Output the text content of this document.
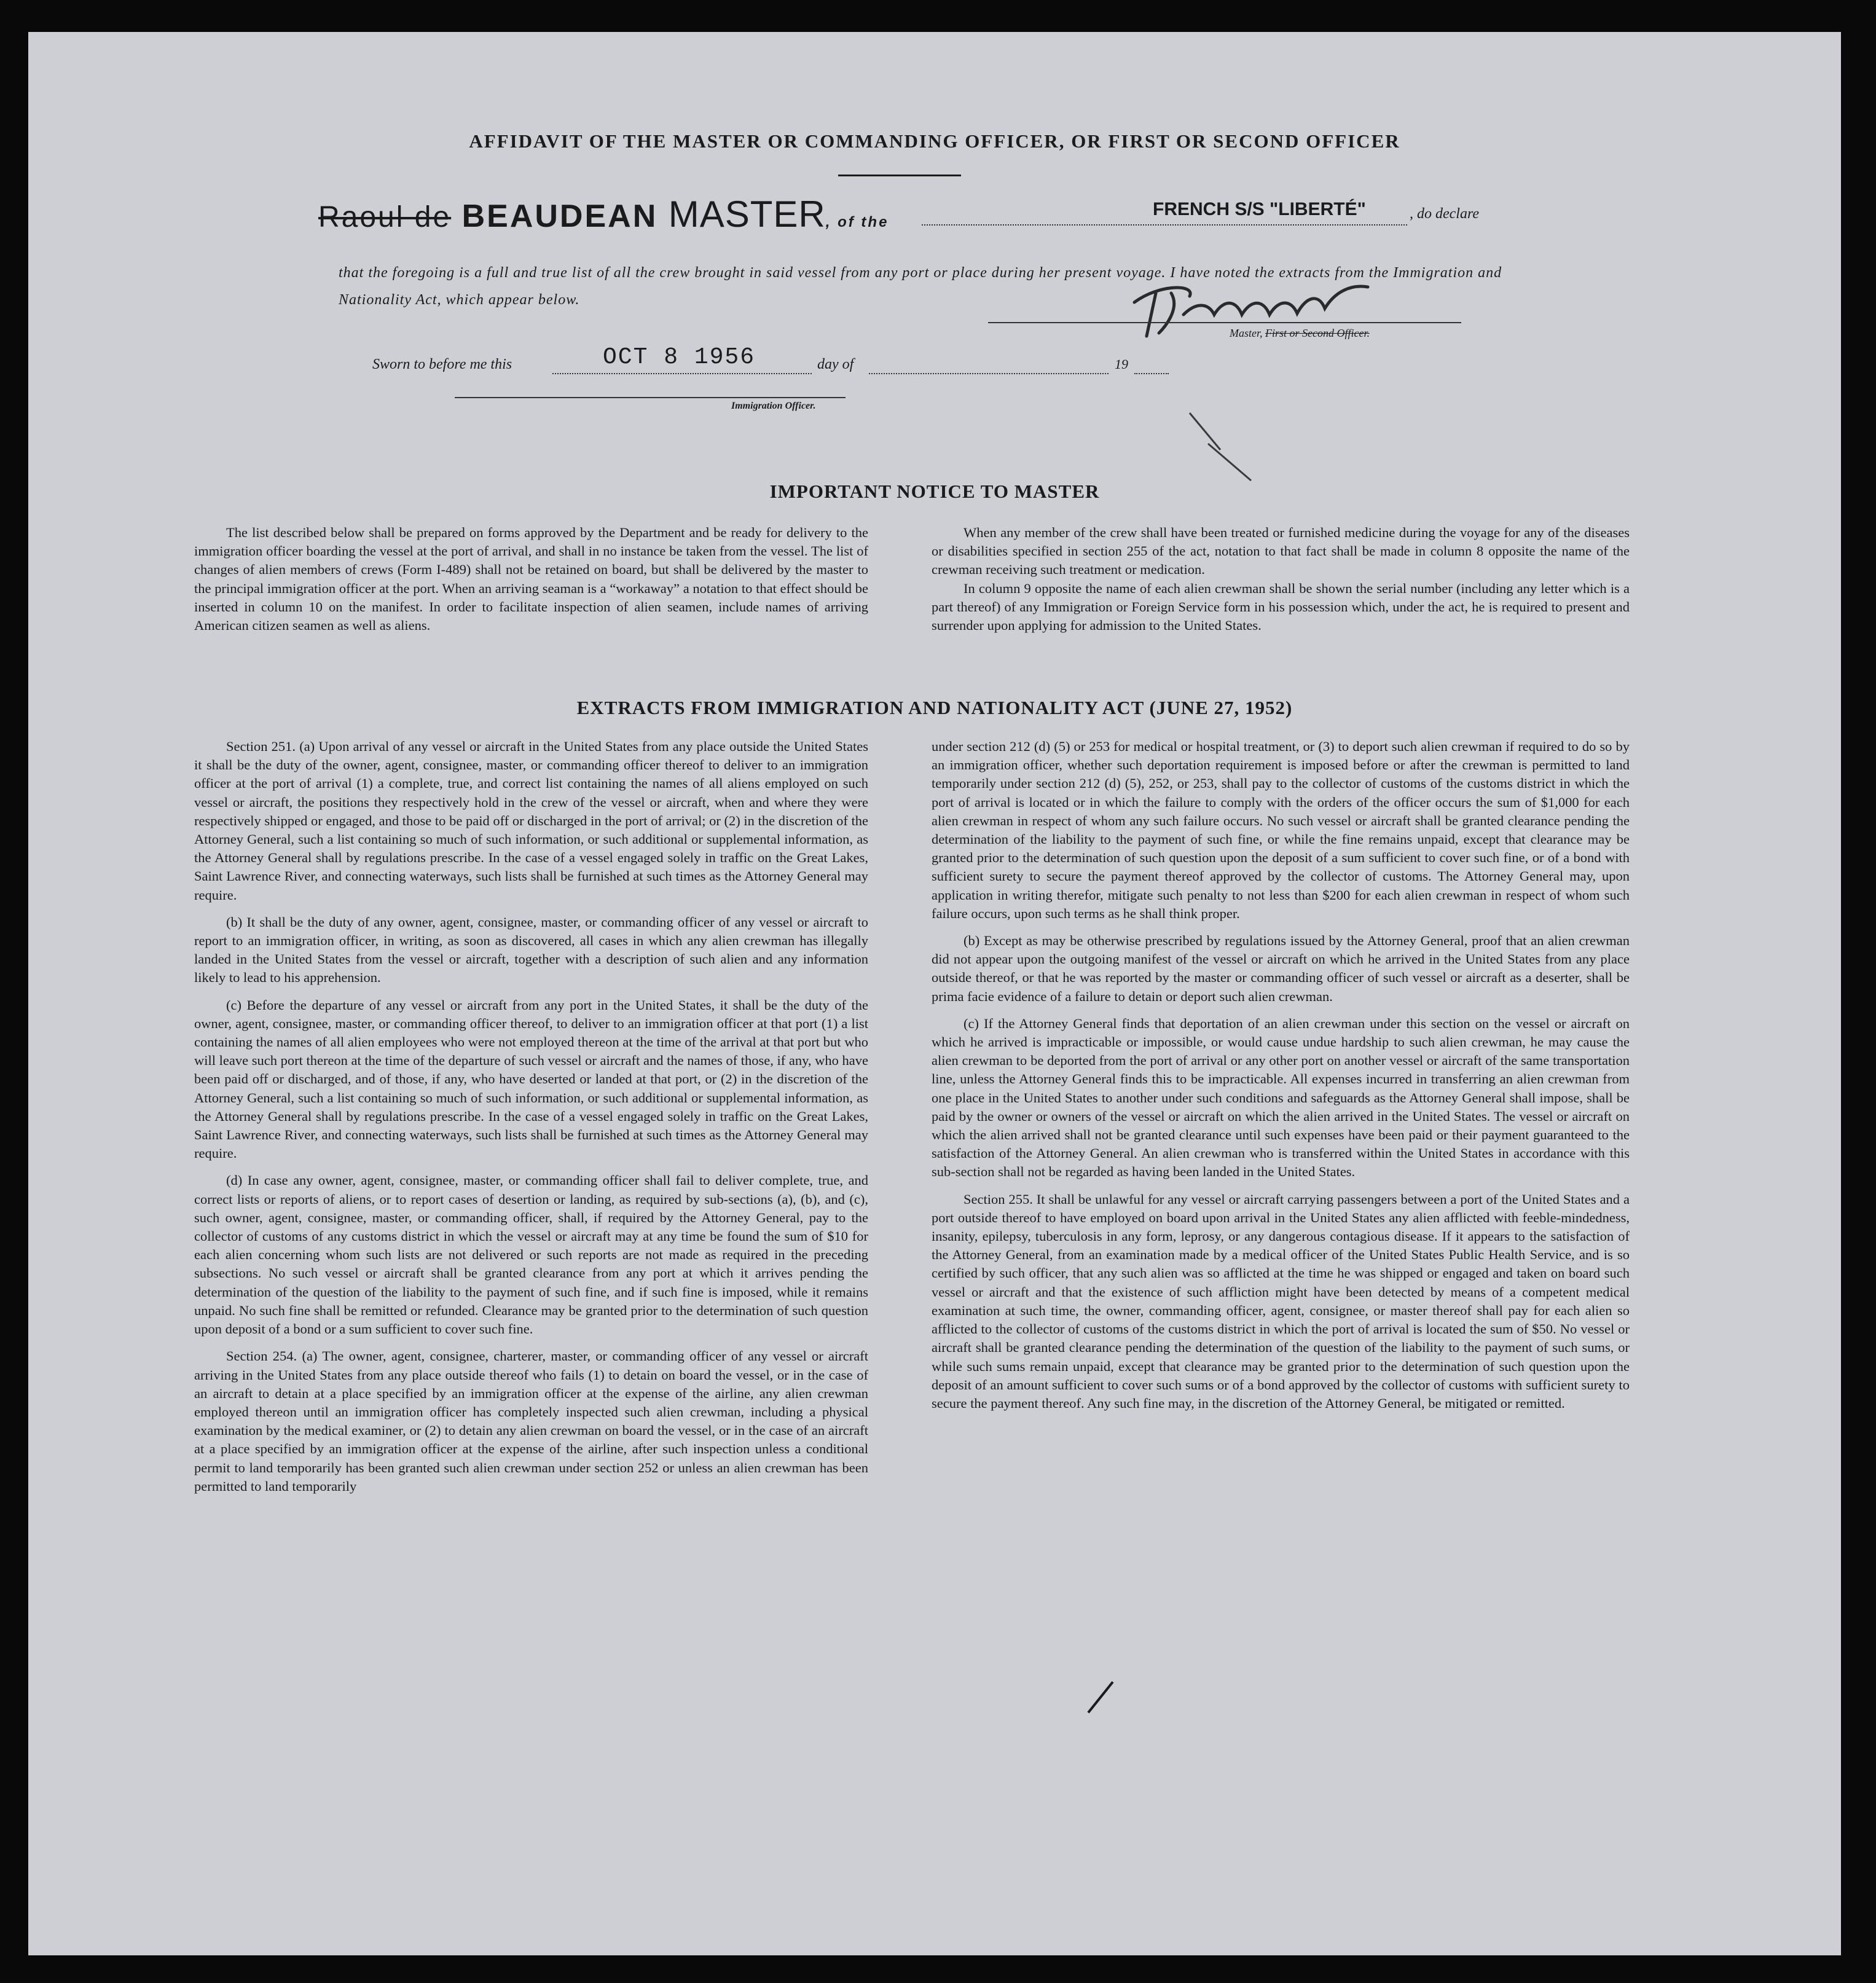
AFFIDAVIT OF THE MASTER OR COMMANDING OFFICER, OR FIRST OR SECOND OFFICER
Raoul de BEAUDEAN MASTER, of the
FRENCH S/S "LIBERTÉ"	, do declare
that the foregoing is a full and true list of all the crew brought in said vessel from any port or place during her present voyage. I have noted the extracts from the Immigration and Nationality Act, which appear below.
Master, First or Second Officer.
Sworn to before me this	OCT 8 1956	day of	19
Immigration Officer.
IMPORTANT NOTICE TO MASTER

The list described below shall be prepared on forms approved by the Department and be ready for delivery to the immigration officer boarding the vessel at the port of arrival, and shall in no instance be taken from the vessel. The list of changes of alien members of crews (Form I-489) shall not be retained on board, but shall be delivered by the master to the principal immigration officer at the port. When an arriving seaman is a “workaway” a notation to that effect should be inserted in column 10 on the manifest. In order to facilitate inspection of alien seamen, include names of arriving American citizen seamen as well as aliens.

When any member of the crew shall have been treated or furnished medicine during the voyage for any of the diseases or disabilities specified in section 255 of the act, notation to that fact shall be made in column 8 opposite the name of the crewman receiving such treatment or medication.

In column 9 opposite the name of each alien crewman shall be shown the serial number (including any letter which is a part thereof) of any Immigration or Foreign Service form in his possession which, under the act, he is required to present and surrender upon applying for admission to the United States.

EXTRACTS FROM IMMIGRATION AND NATIONALITY ACT (JUNE 27, 1952)

Section 251. (a) Upon arrival of any vessel or aircraft in the United States from any place outside the United States it shall be the duty of the owner, agent, consignee, master, or commanding officer thereof to deliver to an immigration officer at the port of arrival (1) a complete, true, and correct list containing the names of all aliens employed on such vessel or aircraft, the positions they respectively hold in the crew of the vessel or aircraft, when and where they were respectively shipped or engaged, and those to be paid off or discharged in the port of arrival; or (2) in the discretion of the Attorney General, such a list containing so much of such information, or such additional or supplemental information, as the Attorney General shall by regulations prescribe. In the case of a vessel engaged solely in traffic on the Great Lakes, Saint Lawrence River, and connecting waterways, such lists shall be furnished at such times as the Attorney General may require.

(b) It shall be the duty of any owner, agent, consignee, master, or commanding officer of any vessel or aircraft to report to an immigration officer, in writing, as soon as discovered, all cases in which any alien crewman has illegally landed in the United States from the vessel or aircraft, together with a description of such alien and any information likely to lead to his apprehension.

(c) Before the departure of any vessel or aircraft from any port in the United States, it shall be the duty of the owner, agent, consignee, master, or commanding officer thereof, to deliver to an immigration officer at that port (1) a list containing the names of all alien employees who were not employed thereon at the time of the arrival at that port but who will leave such port thereon at the time of the departure of such vessel or aircraft and the names of those, if any, who have been paid off or discharged, and of those, if any, who have deserted or landed at that port, or (2) in the discretion of the Attorney General, such a list containing so much of such information, or such additional or supplemental information, as the Attorney General shall by regulations prescribe. In the case of a vessel engaged solely in traffic on the Great Lakes, Saint Lawrence River, and connecting waterways, such lists shall be furnished at such times as the Attorney General may require.

(d) In case any owner, agent, consignee, master, or commanding officer shall fail to deliver complete, true, and correct lists or reports of aliens, or to report cases of desertion or landing, as required by sub-sections (a), (b), and (c), such owner, agent, consignee, master, or commanding officer, shall, if required by the Attorney General, pay to the collector of customs of any customs district in which the vessel or aircraft may at any time be found the sum of $10 for each alien concerning whom such lists are not delivered or such reports are not made as required in the preceding subsections. No such vessel or aircraft shall be granted clearance from any port at which it arrives pending the determination of the question of the liability to the payment of such fine, and if such fine is imposed, while it remains unpaid. No such fine shall be remitted or refunded. Clearance may be granted prior to the determination of such question upon deposit of a bond or a sum sufficient to cover such fine.

Section 254. (a) The owner, agent, consignee, charterer, master, or commanding officer of any vessel or aircraft arriving in the United States from any place outside thereof who fails (1) to detain on board the vessel, or in the case of an aircraft to detain at a place specified by an immigration officer at the expense of the airline, any alien crewman employed thereon until an immigration officer has completely inspected such alien crewman, including a physical examination by the medical examiner, or (2) to detain any alien crewman on board the vessel, or in the case of an aircraft at a place specified by an immigration officer at the expense of the airline, after such inspection unless a conditional permit to land temporarily has been granted such alien crewman under section 252 or unless an alien crewman has been permitted to land temporarily

under section 212 (d) (5) or 253 for medical or hospital treatment, or (3) to deport such alien crewman if required to do so by an immigration officer, whether such deportation requirement is imposed before or after the crewman is permitted to land temporarily under section 212 (d) (5), 252, or 253, shall pay to the collector of customs of the customs district in which the port of arrival is located or in which the failure to comply with the orders of the officer occurs the sum of $1,000 for each alien crewman in respect of whom any such failure occurs. No such vessel or aircraft shall be granted clearance pending the determination of the liability to the payment of such fine, or while the fine remains unpaid, except that clearance may be granted prior to the determination of such question upon the deposit of a sum sufficient to cover such fine, or of a bond with sufficient surety to secure the payment thereof approved by the collector of customs. The Attorney General may, upon application in writing therefor, mitigate such penalty to not less than $200 for each alien crewman in respect of whom such failure occurs, upon such terms as he shall think proper.

(b) Except as may be otherwise prescribed by regulations issued by the Attorney General, proof that an alien crewman did not appear upon the outgoing manifest of the vessel or aircraft on which he arrived in the United States from any place outside thereof, or that he was reported by the master or commanding officer of such vessel or aircraft as a deserter, shall be prima facie evidence of a failure to detain or deport such alien crewman.

(c) If the Attorney General finds that deportation of an alien crewman under this section on the vessel or aircraft on which he arrived is impracticable or impossible, or would cause undue hardship to such alien crewman, he may cause the alien crewman to be deported from the port of arrival or any other port on another vessel or aircraft of the same transportation line, unless the Attorney General finds this to be impracticable. All expenses incurred in transferring an alien crewman from one place in the United States to another under such conditions and safeguards as the Attorney General shall impose, shall be paid by the owner or owners of the vessel or aircraft on which the alien arrived in the United States. The vessel or aircraft on which the alien arrived shall not be granted clearance until such expenses have been paid or their payment guaranteed to the satisfaction of the Attorney General. An alien crewman who is transferred within the United States in accordance with this sub-section shall not be regarded as having been landed in the United States.

Section 255. It shall be unlawful for any vessel or aircraft carrying passengers between a port of the United States and a port outside thereof to have employed on board upon arrival in the United States any alien afflicted with feeble-mindedness, insanity, epilepsy, tuberculosis in any form, leprosy, or any dangerous contagious disease. If it appears to the satisfaction of the Attorney General, from an examination made by a medical officer of the United States Public Health Service, and is so certified by such officer, that any such alien was so afflicted at the time he was shipped or engaged and taken on board such vessel or aircraft and that the existence of such affliction might have been detected by means of a competent medical examination at such time, the owner, commanding officer, agent, consignee, or master thereof shall pay for each alien so afflicted to the collector of customs of the customs district in which the port of arrival is located the sum of $50. No vessel or aircraft shall be granted clearance pending the determination of the question of the liability to the payment of such sums, or while such sums remain unpaid, except that clearance may be granted prior to the determination of such question upon the deposit of an amount sufficient to cover such sums or of a bond approved by the collector of customs with sufficient surety to secure the payment thereof. Any such fine may, in the discretion of the Attorney General, be mitigated or remitted.
